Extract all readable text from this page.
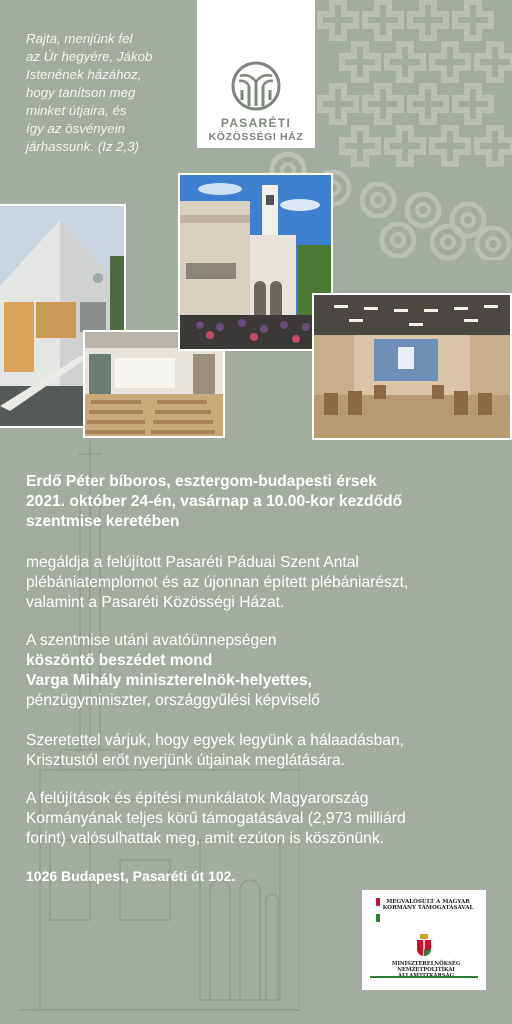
Rajta, menjünk fel
az Úr hegyére, Jákob
Istenének házához,
hogy tanítson meg
minket útjaira, és
így az ösvényein
járhassunk. (Iz 2,3)
PASARÉTI
KÖZÖSSÉGI HÁZ
Erdő Péter bíboros, esztergom-budapesti érsek
2021. október 24-én, vasárnap a 10.00-kor kezdődő
szentmise keretében
megáldja a felújított Pasaréti Páduai Szent Antal
plébániatemplomot és az újonnan épített plébániarészt,
valamint a Pasaréti Közösségi Házat.
A szentmise utáni avatóünnepségen
köszöntő beszédet mond
Varga Mihály miniszterelnök-helyettes,
pénzügyminiszter, országgyűlési képviselő
Szeretettel várjuk, hogy egyek legyünk a hálaadásban,
Krisztustól erőt nyerjünk útjainak meglátására.
A felújítások és építési munkálatok Magyarország
Kormányának teljes körű támogatásával (2,973 milliárd
forint) valósulhattak meg, amit ezúton is köszönünk.
1026 Budapest, Pasaréti út 102.
MEGVALÓSULT A MAGYAR KORMÁNY TÁMOGATÁSÁVAL
MINISZTERELNÖKSÉG NEMZETPOLITIKAI
